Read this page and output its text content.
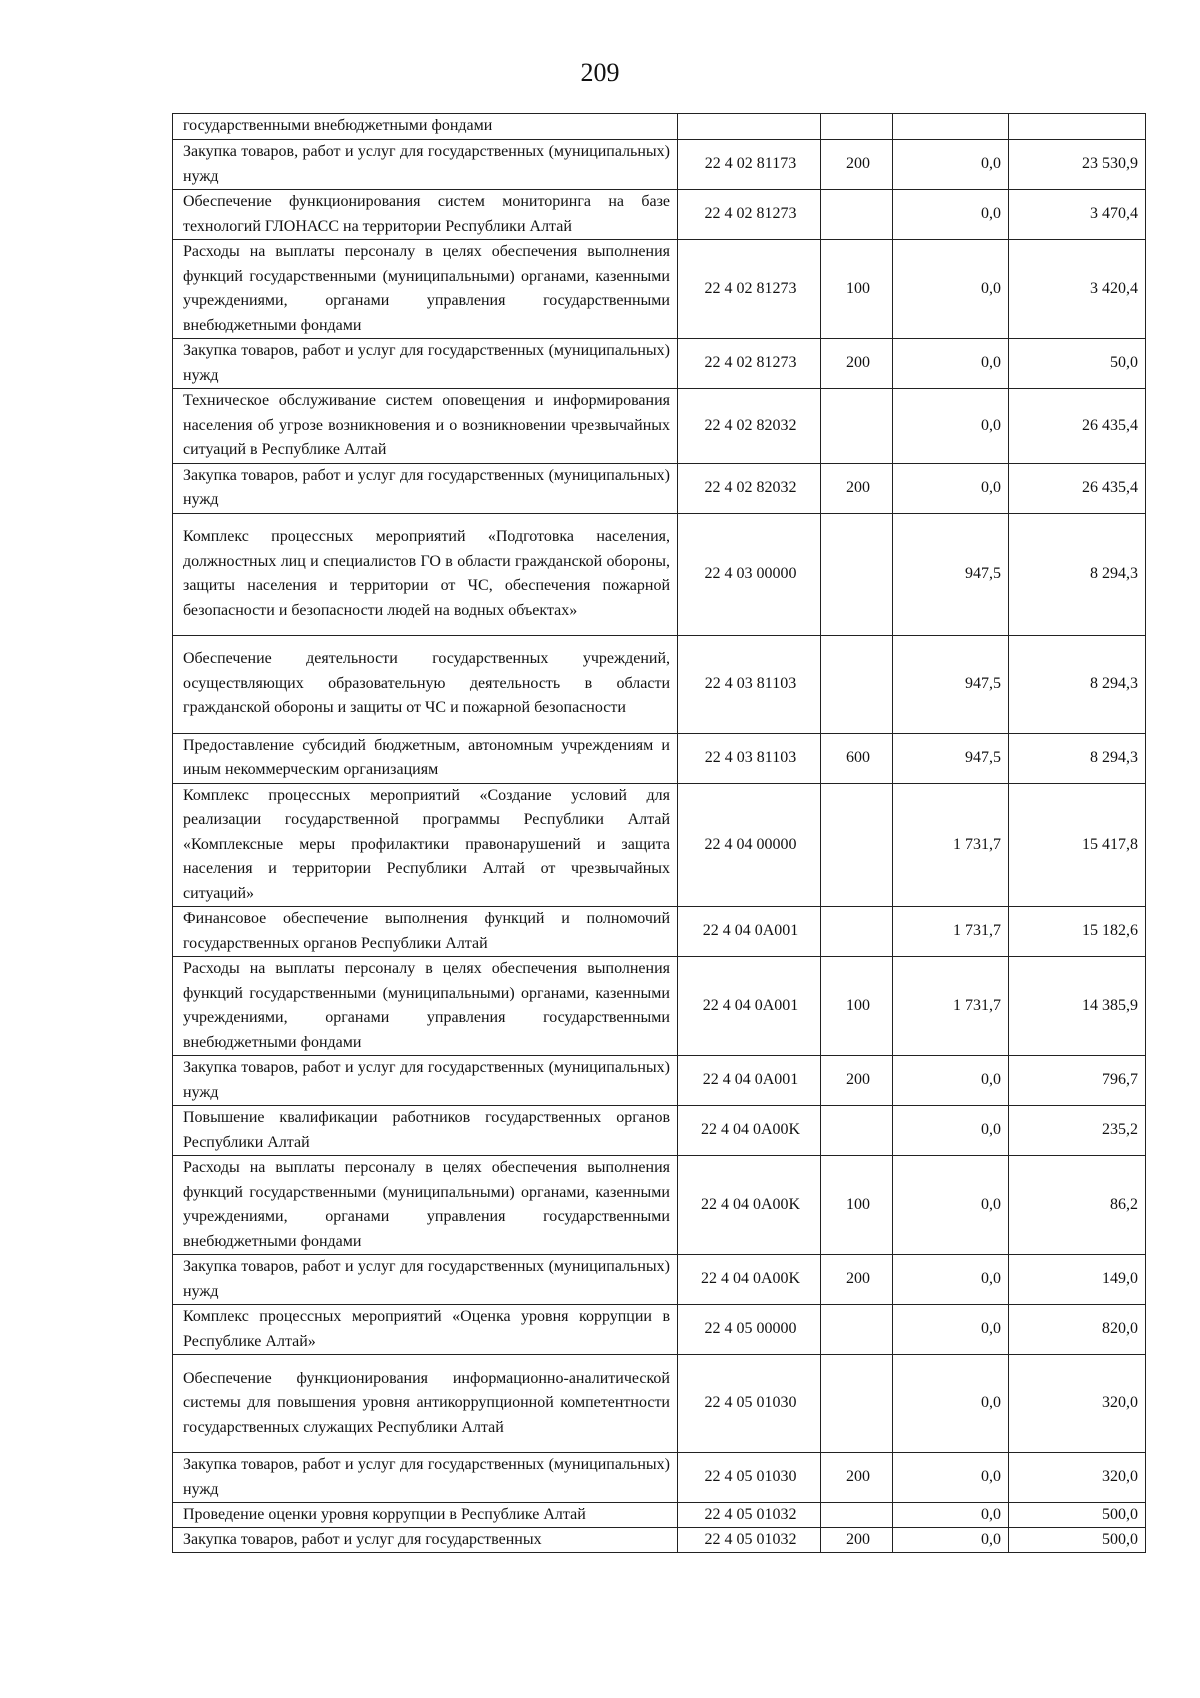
209
государственными внебюджетными фондами				
Закупка товаров, работ и услуг для государственных (муниципальных) нужд	22 4 02 81173	200	0,0	23 530,9
Обеспечение функционирования систем мониторинга на базе технологий ГЛОНАСС на территории Республики Алтай	22 4 02 81273		0,0	3 470,4
Расходы на выплаты персоналу в целях обеспечения выполнения функций государственными (муниципальными) органами, казенными учреждениями, органами управления государственными внебюджетными фондами	22 4 02 81273	100	0,0	3 420,4
Закупка товаров, работ и услуг для государственных (муниципальных) нужд	22 4 02 81273	200	0,0	50,0
Техническое обслуживание систем оповещения и информирования населения об угрозе возникновения и о возникновении чрезвычайных ситуаций в Республике Алтай	22 4 02 82032		0,0	26 435,4
Закупка товаров, работ и услуг для государственных (муниципальных) нужд	22 4 02 82032	200	0,0	26 435,4
Комплекс процессных мероприятий «Подготовка населения, должностных лиц и специалистов ГО в области гражданской обороны, защиты населения и территории от ЧС, обеспечения пожарной безопасности и безопасности людей на водных объектах»	22 4 03 00000		947,5	8 294,3
Обеспечение деятельности государственных учреждений, осуществляющих образовательную деятельность в области гражданской обороны и защиты от ЧС и пожарной безопасности	22 4 03 81103		947,5	8 294,3
Предоставление субсидий бюджетным, автономным учреждениям и иным некоммерческим организациям	22 4 03 81103	600	947,5	8 294,3
Комплекс процессных мероприятий «Создание условий для реализации государственной программы Республики Алтай «Комплексные меры профилактики правонарушений и защита населения и территории Республики Алтай от чрезвычайных ситуаций»	22 4 04 00000		1 731,7	15 417,8
Финансовое обеспечение выполнения функций и полномочий государственных органов Республики Алтай	22 4 04 0A001		1 731,7	15 182,6
Расходы на выплаты персоналу в целях обеспечения выполнения функций государственными (муниципальными) органами, казенными учреждениями, органами управления государственными внебюджетными фондами	22 4 04 0A001	100	1 731,7	14 385,9
Закупка товаров, работ и услуг для государственных (муниципальных) нужд	22 4 04 0A001	200	0,0	796,7
Повышение квалификации работников государственных органов Республики Алтай	22 4 04 0A00K		0,0	235,2
Расходы на выплаты персоналу в целях обеспечения выполнения функций государственными (муниципальными) органами, казенными учреждениями, органами управления государственными внебюджетными фондами	22 4 04 0A00K	100	0,0	86,2
Закупка товаров, работ и услуг для государственных (муниципальных) нужд	22 4 04 0A00K	200	0,0	149,0
Комплекс процессных мероприятий «Оценка уровня коррупции в Республике Алтай»	22 4 05 00000		0,0	820,0
Обеспечение функционирования информационно-аналитической системы для повышения уровня антикоррупционной компетентности государственных служащих Республики Алтай	22 4 05 01030		0,0	320,0
Закупка товаров, работ и услуг для государственных (муниципальных) нужд	22 4 05 01030	200	0,0	320,0
Проведение оценки уровня коррупции в Республике Алтай	22 4 05 01032		0,0	500,0
Закупка товаров, работ и услуг для государственных	22 4 05 01032	200	0,0	500,0
